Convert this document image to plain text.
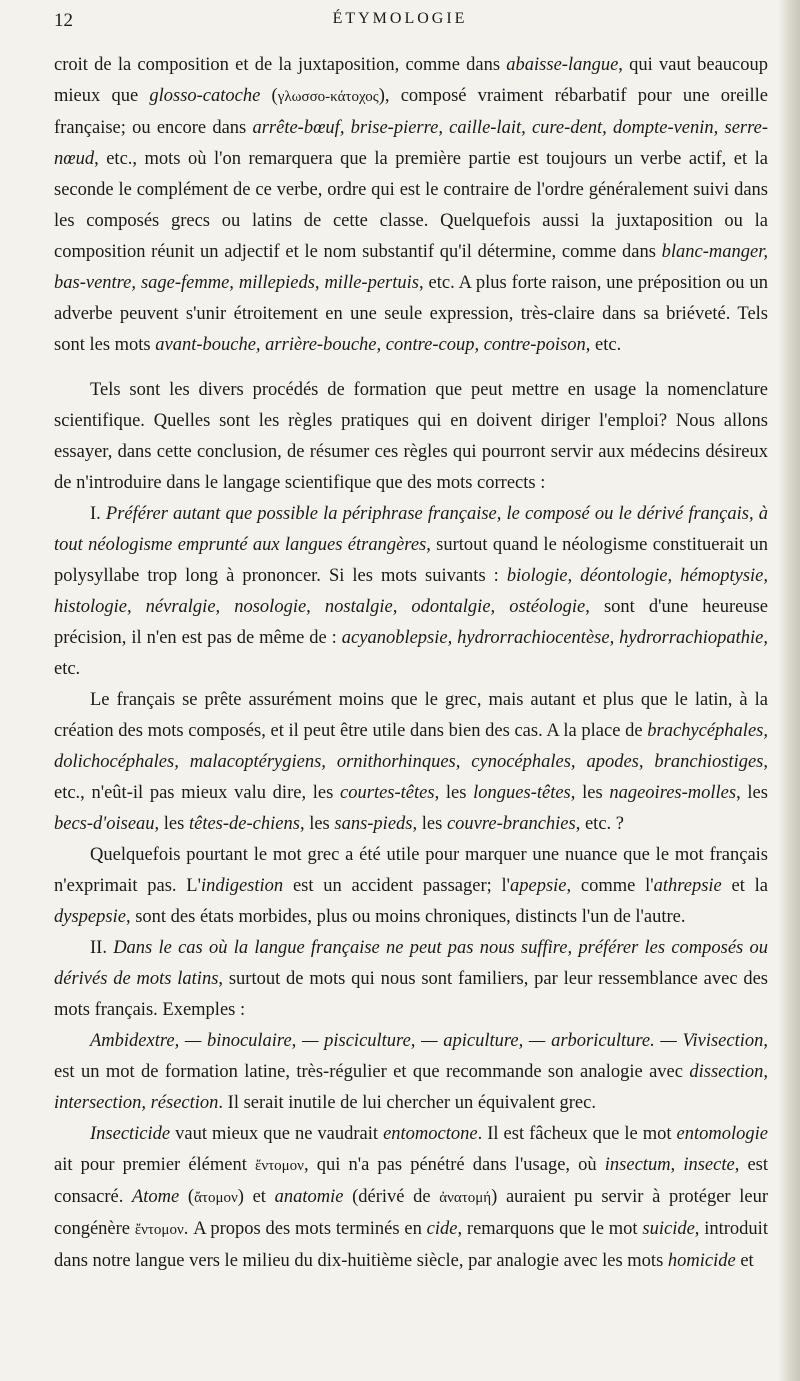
12	ÉTYMOLOGIE

croit de la composition et de la juxtaposition, comme dans abaisse-langue, qui vaut beaucoup mieux que glosso-catoche (γλωσσο-κάτοχος), composé vraiment rébarbatif pour une oreille française; ou encore dans arrête-bœuf, brise-pierre, caille-lait, cure-dent, dompte-venin, serre-nœud, etc., mots où l'on remarquera que la première partie est toujours un verbe actif, et la seconde le complément de ce verbe, ordre qui est le contraire de l'ordre généralement suivi dans les composés grecs ou latins de cette classe. Quelquefois aussi la juxtaposition ou la composition réunit un adjectif et le nom substantif qu'il détermine, comme dans blanc-manger, bas-ventre, sage-femme, millepieds, mille-pertuis, etc. A plus forte raison, une préposition ou un adverbe peuvent s'unir étroitement en une seule expression, très-claire dans sa briéveté. Tels sont les mots avant-bouche, arrière-bouche, contre-coup, contre-poison, etc.

Tels sont les divers procédés de formation que peut mettre en usage la nomenclature scientifique. Quelles sont les règles pratiques qui en doivent diriger l'emploi? Nous allons essayer, dans cette conclusion, de résumer ces règles qui pourront servir aux médecins désireux de n'introduire dans le langage scientifique que des mots corrects :

I. Préférer autant que possible la périphrase française, le composé ou le dérivé français, à tout néologisme emprunté aux langues étrangères, surtout quand le néologisme constituerait un polysyllabe trop long à prononcer. Si les mots suivants : biologie, déontologie, hémoptysie, histologie, névralgie, nosologie, nostalgie, odontalgie, ostéologie, sont d'une heureuse précision, il n'en est pas de même de : acyanoblepsie, hydrorrachiocentèse, hydrorrachiopathie, etc.

Le français se prête assurément moins que le grec, mais autant et plus que le latin, à la création des mots composés, et il peut être utile dans bien des cas. A la place de brachycéphales, dolichocéphales, malacoptérygiens, ornithorhinques, cynocéphales, apodes, branchiostiges, etc., n'eût-il pas mieux valu dire, les courtes-têtes, les longues-têtes, les nageoires-molles, les becs-d'oiseau, les têtes-de-chiens, les sans-pieds, les couvre-branchies, etc. ?

Quelquefois pourtant le mot grec a été utile pour marquer une nuance que le mot français n'exprimait pas. L'indigestion est un accident passager; l'apepsie, comme l'athrepsie et la dyspepsie, sont des états morbides, plus ou moins chroniques, distincts l'un de l'autre.

II. Dans le cas où la langue française ne peut pas nous suffire, préférer les composés ou dérivés de mots latins, surtout de mots qui nous sont familiers, par leur ressemblance avec des mots français. Exemples :

Ambidextre, — binoculaire, — pisciculture, — apiculture, — arboriculture. — Vivisection, est un mot de formation latine, très-régulier et que recommande son analogie avec dissection, intersection, résection. Il serait inutile de lui chercher un équivalent grec.

Insecticide vaut mieux que ne vaudrait entomoctone. Il est fâcheux que le mot entomologie ait pour premier élément ἔντομον, qui n'a pas pénétré dans l'usage, où insectum, insecte, est consacré. Atome (ἄτομον) et anatomie (dérivé de ἀνατομή) auraient pu servir à protéger leur congénère ἔντομον. A propos des mots terminés en cide, remarquons que le mot suicide, introduit dans notre langue vers le milieu du dix-huitième siècle, par analogie avec les mots homicide et
